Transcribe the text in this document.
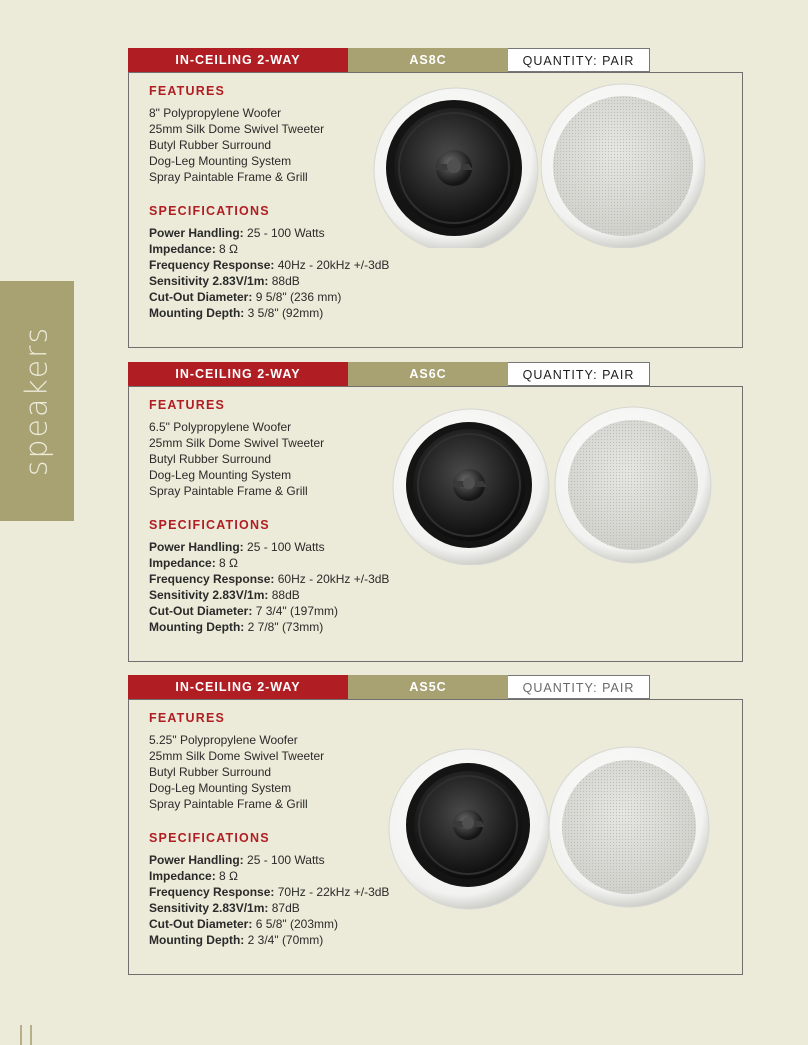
speakers
IN-CEILING 2-WAY	AS8C	QUANTITY: PAIR
FEATURES
8" Polypropylene Woofer
25mm Silk Dome Swivel Tweeter
Butyl Rubber Surround
Dog-Leg Mounting System
Spray Paintable Frame & Grill
SPECIFICATIONS
Power Handling: 25 - 100 Watts
Impedance: 8 Ω
Frequency Response: 40Hz - 20kHz +/-3dB
Sensitivity 2.83V/1m: 88dB
Cut-Out Diameter: 9 5/8" (236 mm)
Mounting Depth: 3 5/8" (92mm)
IN-CEILING 2-WAY	AS6C	QUANTITY: PAIR
FEATURES
6.5" Polypropylene Woofer
25mm Silk Dome Swivel Tweeter
Butyl Rubber Surround
Dog-Leg Mounting System
Spray Paintable Frame & Grill
SPECIFICATIONS
Power Handling: 25 - 100 Watts
Impedance: 8 Ω
Frequency Response: 60Hz - 20kHz +/-3dB
Sensitivity 2.83V/1m: 88dB
Cut-Out Diameter: 7 3/4" (197mm)
Mounting Depth: 2 7/8" (73mm)
IN-CEILING 2-WAY	AS5C	QUANTITY: PAIR
FEATURES
5.25" Polypropylene Woofer
25mm Silk Dome Swivel Tweeter
Butyl Rubber Surround
Dog-Leg Mounting System
Spray Paintable Frame & Grill
SPECIFICATIONS
Power Handling: 25 - 100 Watts
Impedance: 8 Ω
Frequency Response: 70Hz - 22kHz +/-3dB
Sensitivity 2.83V/1m: 87dB
Cut-Out Diameter: 6 5/8" (203mm)
Mounting Depth: 2 3/4" (70mm)
